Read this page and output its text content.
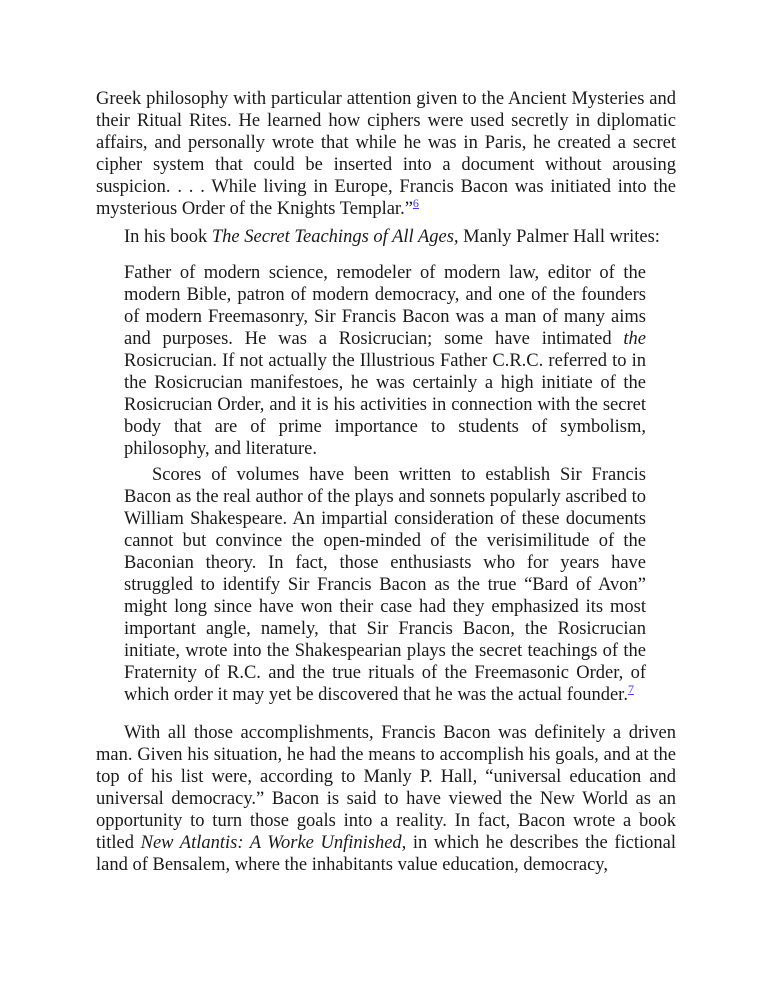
Greek philosophy with particular attention given to the Ancient Mysteries and their Ritual Rites. He learned how ciphers were used secretly in diplomatic affairs, and personally wrote that while he was in Paris, he created a secret cipher system that could be inserted into a document without arousing suspicion. . . . While living in Europe, Francis Bacon was initiated into the mysterious Order of the Knights Templar.”$^6$

In his book The Secret Teachings of All Ages, Manly Palmer Hall writes:

Father of modern science, remodeler of modern law, editor of the modern Bible, patron of modern democracy, and one of the founders of modern Freemasonry, Sir Francis Bacon was a man of many aims and purposes. He was a Rosicrucian; some have intimated the Rosicrucian. If not actually the Illustrious Father C.R.C. referred to in the Rosicrucian manifestoes, he was certainly a high initiate of the Rosicrucian Order, and it is his activities in connection with the secret body that are of prime importance to students of symbolism, philosophy, and literature.

Scores of volumes have been written to establish Sir Francis Bacon as the real author of the plays and sonnets popularly ascribed to William Shakespeare. An impartial consideration of these documents cannot but convince the open-minded of the verisimilitude of the Baconian theory. In fact, those enthusiasts who for years have struggled to identify Sir Francis Bacon as the true “Bard of Avon” might long since have won their case had they emphasized its most important angle, namely, that Sir Francis Bacon, the Rosicrucian initiate, wrote into the Shakespearian plays the secret teachings of the Fraternity of R.C. and the true rituals of the Freemasonic Order, of which order it may yet be discovered that he was the actual founder.$^7$

With all those accomplishments, Francis Bacon was definitely a driven man. Given his situation, he had the means to accomplish his goals, and at the top of his list were, according to Manly P. Hall, “universal education and universal democracy.” Bacon is said to have viewed the New World as an opportunity to turn those goals into a reality. In fact, Bacon wrote a book titled New Atlantis: A Worke Unfinished, in which he describes the fictional land of Bensalem, where the inhabitants value education, democracy,
